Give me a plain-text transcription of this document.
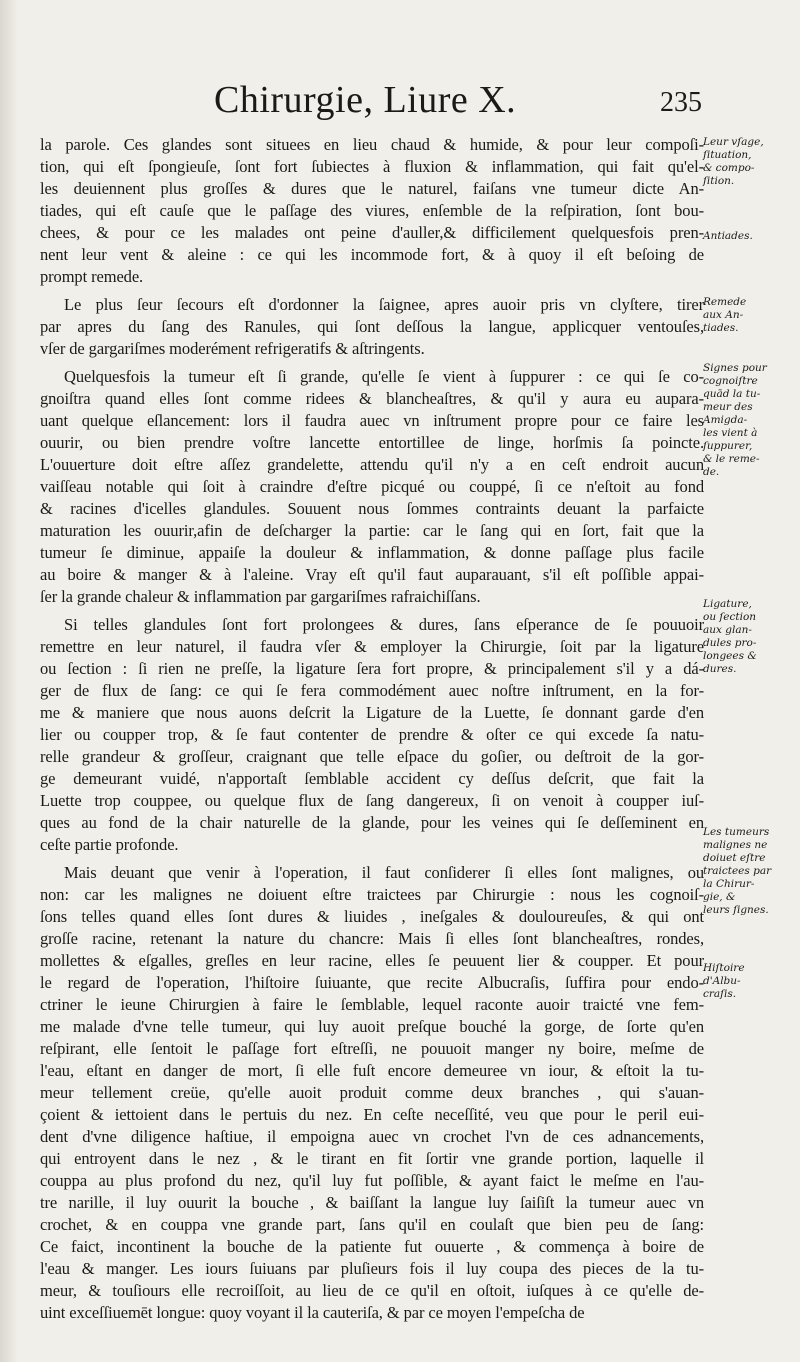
Chirurgie, Liure X.	235
la parole. Ces glandes sont situees en lieu chaud & humide, & pour leur compoſi-
tion, qui eſt ſpongieuſe, ſont fort ſubiectes à fluxion & inflammation, qui fait qu'el-
les deuiennent plus groſſes & dures que le naturel, faiſans vne tumeur dicte An-
tiades, qui eſt cauſe que le paſſage des viures, enſemble de la reſpiration, ſont bou-
chees, & pour ce les malades ont peine d'auller,& difficilement quelquesfois pren-
nent leur vent & aleine : ce qui les incommode fort, & à quoy il eſt beſoing de
prompt remede.
Le plus ſeur ſecours eſt d'ordonner la ſaignee, apres auoir pris vn clyſtere, tirer
par apres du ſang des Ranules, qui ſont deſſous la langue, applicquer ventouſes,
vſer de gargariſmes moderément refrigeratifs & aſtringents.
Quelquesfois la tumeur eſt ſi grande, qu'elle ſe vient à ſuppurer : ce qui ſe co-
gnoiſtra quand elles ſont comme ridees & blancheaſtres, & qu'il y aura eu aupara-
uant quelque eſlancement: lors il faudra auec vn inſtrument propre pour ce faire les
ouurir, ou bien prendre voſtre lancette entortillee de linge, horſmis ſa poincte.
L'ouuerture doit eſtre aſſez grandelette, attendu qu'il n'y a en ceſt endroit aucun
vaiſſeau notable qui ſoit à craindre d'eſtre picqué ou couppé, ſi ce n'eſtoit au fond
& racines d'icelles glandules. Souuent nous ſommes contraints deuant la parfaicte
maturation les ouurir,afin de deſcharger la partie: car le ſang qui en ſort, fait que la
tumeur ſe diminue, appaiſe la douleur & inflammation, & donne paſſage plus facile
au boire & manger & à l'aleine. Vray eſt qu'il faut auparauant, s'il eſt poſſible appai-
ſer la grande chaleur & inflammation par gargariſmes rafraichiſſans.
Si telles glandules ſont fort prolongees & dures, ſans eſperance de ſe pouuoir
remettre en leur naturel, il faudra vſer & employer la Chirurgie, ſoit par la ligature
ou ſection : ſi rien ne preſſe, la ligature ſera fort propre, & principalement s'il y a dá-
ger de flux de ſang: ce qui ſe fera commodément auec noſtre inſtrument, en la for-
me & maniere que nous auons deſcrit la Ligature de la Luette, ſe donnant garde d'en
lier ou coupper trop, & ſe faut contenter de prendre & oſter ce qui excede ſa natu-
relle grandeur & groſſeur, craignant que telle eſpace du goſier, ou deſtroit de la gor-
ge demeurant vuidé, n'apportaſt ſemblable accident cy deſſus deſcrit, que fait la
Luette trop couppee, ou quelque flux de ſang dangereux, ſi on venoit à coupper iuſ-
ques au fond de la chair naturelle de la glande, pour les veines qui ſe deſſeminent en
ceſte partie profonde.
Mais deuant que venir à l'operation, il faut conſiderer ſi elles ſont malignes, ou
non: car les malignes ne doiuent eſtre traictees par Chirurgie : nous les cognoiſ-
ſons telles quand elles ſont dures & liuides , ineſgales & douloureuſes, & qui ont
groſſe racine, retenant la nature du chancre: Mais ſi elles ſont blancheaſtres, rondes,
mollettes & eſgalles, greſles en leur racine, elles ſe peuuent lier & coupper. Et pour
le regard de l'operation, l'hiſtoire ſuiuante, que recite Albucraſis, ſuffira pour endo-
ctriner le ieune Chirurgien à faire le ſemblable, lequel raconte auoir traicté vne fem-
me malade d'vne telle tumeur, qui luy auoit preſque bouché la gorge, de ſorte qu'en
reſpirant, elle ſentoit le paſſage fort eſtreſſi, ne pouuoit manger ny boire, meſme de
l'eau, eſtant en danger de mort, ſi elle fuſt encore demeuree vn iour, & eſtoit la tu-
meur tellement creüe, qu'elle auoit produit comme deux branches , qui s'auan-
çoient & iettoient dans le pertuis du nez. En ceſte neceſſité, veu que pour le peril eui-
dent d'vne diligence haſtiue, il empoigna auec vn crochet l'vn de ces adnancements,
qui entroyent dans le nez , & le tirant en fit ſortir vne grande portion, laquelle il
couppa au plus profond du nez, qu'il luy fut poſſible, & ayant faict le meſme en l'au-
tre narille, il luy ouurit la bouche , & baiſſant la langue luy ſaiſiſt la tumeur auec vn
crochet, & en couppa vne grande part, ſans qu'il en coulaſt que bien peu de ſang:
Ce faict, incontinent la bouche de la patiente fut ouuerte , & commença à boire de
l'eau & manger. Les iours ſuiuans par pluſieurs fois il luy coupa des pieces de la tu-
meur, & touſiours elle recroiſſoit, au lieu de ce qu'il en oſtoit, iuſques à ce qu'elle de-
uint exceſſiuemēt longue: quoy voyant il la cauteriſa, & par ce moyen l'empeſcha de
Leur vſage,
ſituation,
& compo-
ſition.
Antiades.
Remede
aux An-
tiades.
Signes pour
cognoiſtre
quād la tu-
meur des
Amigda-
les vient à
ſuppurer,
& le reme-
de.
Ligature,
ou ſection
aux glan-
dules pro-
longees &
dures.
Les tumeurs
malignes ne
doiuet eſtre
traictees par
la Chirur-
gie, &
leurs ſignes.
Hiſtoire
d'Albu-
craſis.
